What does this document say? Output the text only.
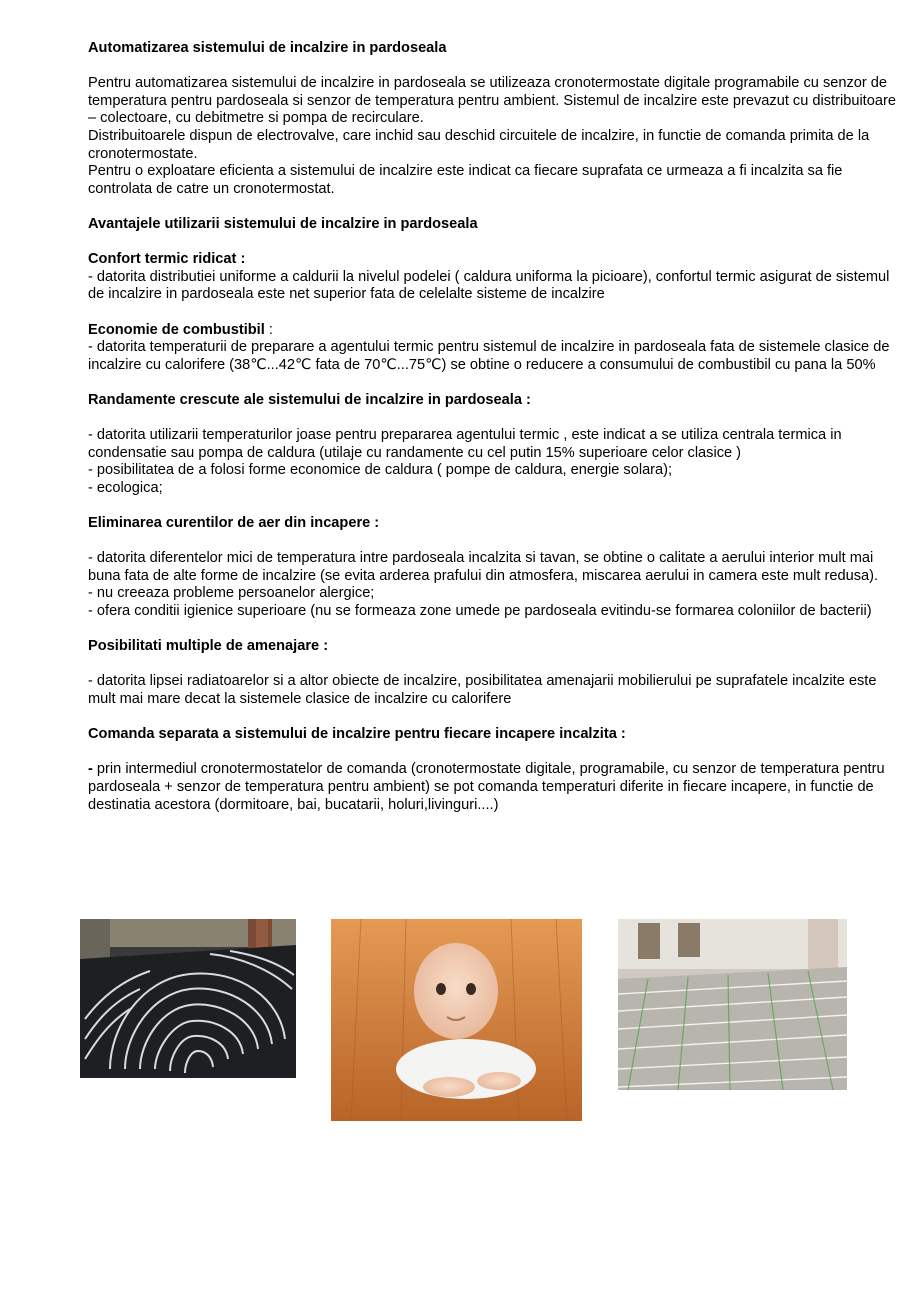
Automatizarea sistemului de incalzire in pardoseala

Pentru automatizarea sistemului de incalzire in pardoseala se utilizeaza cronotermostate digitale programabile cu senzor de temperatura pentru pardoseala si senzor de temperatura pentru ambient. Sistemul de incalzire este prevazut cu distribuitoare – colectoare, cu debitmetre si pompa de recirculare.

Distribuitoarele dispun de electrovalve, care inchid sau deschid circuitele de incalzire, in functie de comanda primita de la cronotermostate.

Pentru o exploatare eficienta a sistemului de incalzire este indicat ca fiecare suprafata ce urmeaza a fi incalzita sa fie controlata de catre un cronotermostat.

Avantajele utilizarii sistemului de incalzire in pardoseala

Confort termic ridicat :

- datorita distributiei uniforme a caldurii la nivelul podelei ( caldura uniforma la picioare), confortul termic asigurat de sistemul de incalzire in pardoseala este net superior fata de celelalte sisteme de incalzire

Economie de combustibil :

- datorita temperaturii de preparare a agentului termic pentru sistemul de incalzire in pardoseala fata de sistemele clasice de incalzire cu calorifere (38℃...42℃ fata de 70℃...75℃) se obtine o reducere a consumului de combustibil cu pana la 50%

Randamente crescute ale sistemului de incalzire in pardoseala :

- datorita utilizarii temperaturilor joase pentru prepararea agentului termic , este indicat a se utiliza centrala termica in condensatie sau pompa de caldura (utilaje cu randamente cu cel putin 15% superioare celor clasice )

- posibilitatea de a folosi forme economice de caldura ( pompe de caldura, energie solara);

- ecologica;

Eliminarea curentilor de aer din incapere :

- datorita diferentelor mici de temperatura intre pardoseala incalzita si tavan, se obtine o calitate a aerului interior mult mai buna fata de alte forme de incalzire (se evita arderea prafului din atmosfera, miscarea aerului in camera este mult redusa).

- nu creeaza probleme persoanelor alergice;

- ofera conditii igienice superioare (nu se formeaza zone umede pe pardoseala evitindu-se formarea coloniilor de bacterii)

Posibilitati multiple de amenajare :

- datorita lipsei radiatoarelor si a altor obiecte de incalzire, posibilitatea amenajarii mobilierului pe suprafatele incalzite este mult mai mare decat la sistemele clasice de incalzire cu calorifere

Comanda separata a sistemului de incalzire pentru fiecare incapere incalzita :

- prin intermediul cronotermostatelor de comanda (cronotermostate digitale, programabile, cu senzor de temperatura pentru pardoseala + senzor de temperatura pentru ambient) se pot comanda temperaturi diferite in fiecare incapere, in functie de destinatia acestora (dormitoare, bai, bucatarii, holuri,livinguri....)
